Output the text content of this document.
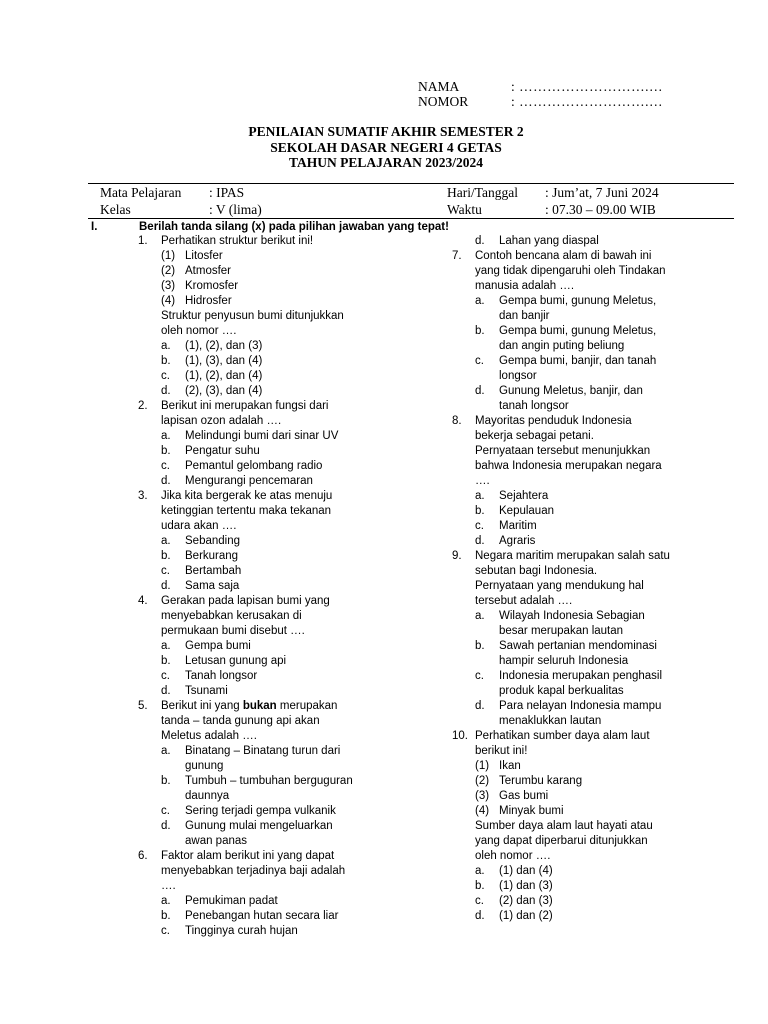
NAMA	: ……………………….…
NOMOR	: ……………………….…
PENILAIAN SUMATIF AKHIR SEMESTER 2
SEKOLAH DASAR NEGERI 4 GETAS
TAHUN PELAJARAN 2023/2024
Mata Pelajaran	: IPAS
Kelas	: V (lima)
Hari/Tanggal	: Jum’at, 7 Juni 2024
Waktu	: 07.30 – 09.00 WIB
I.	Berilah tanda silang (x) pada pilihan jawaban yang tepat!
1.	Perhatikan struktur berikut ini!
(1) Litosfer
(2) Atmosfer
(3) Kromosfer
(4) Hidrosfer
Struktur penyusun bumi ditunjukkan
oleh nomor ….
a.	(1), (2), dan (3)
b.	(1), (3), dan (4)
c.	(1), (2), dan (4)
d.	(2), (3), dan (4)
2.	Berikut ini merupakan fungsi dari
lapisan ozon adalah ….
a.	Melindungi bumi dari sinar UV
b.	Pengatur suhu
c.	Pemantul gelombang radio
d.	Mengurangi pencemaran
3.	Jika kita bergerak ke atas menuju
ketinggian tertentu maka tekanan
udara akan ….
a.	Sebanding
b.	Berkurang
c.	Bertambah
d.	Sama saja
4.	Gerakan pada lapisan bumi yang
menyebabkan kerusakan di
permukaan bumi disebut ….
a.	Gempa bumi
b.	Letusan gunung api
c.	Tanah longsor
d.	Tsunami
5.	Berikut ini yang bukan merupakan
tanda – tanda gunung api akan
Meletus adalah ….
a.	Binatang – Binatang turun dari
gunung
b.	Tumbuh – tumbuhan berguguran
daunnya
c.	Sering terjadi gempa vulkanik
d.	Gunung mulai mengeluarkan
awan panas
6.	Faktor alam berikut ini yang dapat
menyebabkan terjadinya baji adalah
….
a.	Pemukiman padat
b.	Penebangan hutan secara liar
c.	Tingginya curah hujan
d.	Lahan yang diaspal
7.	Contoh bencana alam di bawah ini
yang tidak dipengaruhi oleh Tindakan
manusia adalah ….
a.	Gempa bumi, gunung Meletus,
dan banjir
b.	Gempa bumi, gunung Meletus,
dan angin puting beliung
c.	Gempa bumi, banjir, dan tanah
longsor
d.	Gunung Meletus, banjir, dan
tanah longsor
8.	Mayoritas penduduk Indonesia
bekerja sebagai petani.
Pernyataan tersebut menunjukkan
bahwa Indonesia merupakan negara
….
a.	Sejahtera
b.	Kepulauan
c.	Maritim
d.	Agraris
9.	Negara maritim merupakan salah satu
sebutan bagi Indonesia.
Pernyataan yang mendukung hal
tersebut adalah ….
a.	Wilayah Indonesia Sebagian
besar merupakan lautan
b.	Sawah pertanian mendominasi
hampir seluruh Indonesia
c.	Indonesia merupakan penghasil
produk kapal berkualitas
d.	Para nelayan Indonesia mampu
menaklukkan lautan
10. Perhatikan sumber daya alam laut
berikut ini!
(1) Ikan
(2) Terumbu karang
(3) Gas bumi
(4) Minyak bumi
Sumber daya alam laut hayati atau
yang dapat diperbarui ditunjukkan
oleh nomor ….
a.	(1) dan (4)
b.	(1) dan (3)
c.	(2) dan (3)
d.	(1) dan (2)
